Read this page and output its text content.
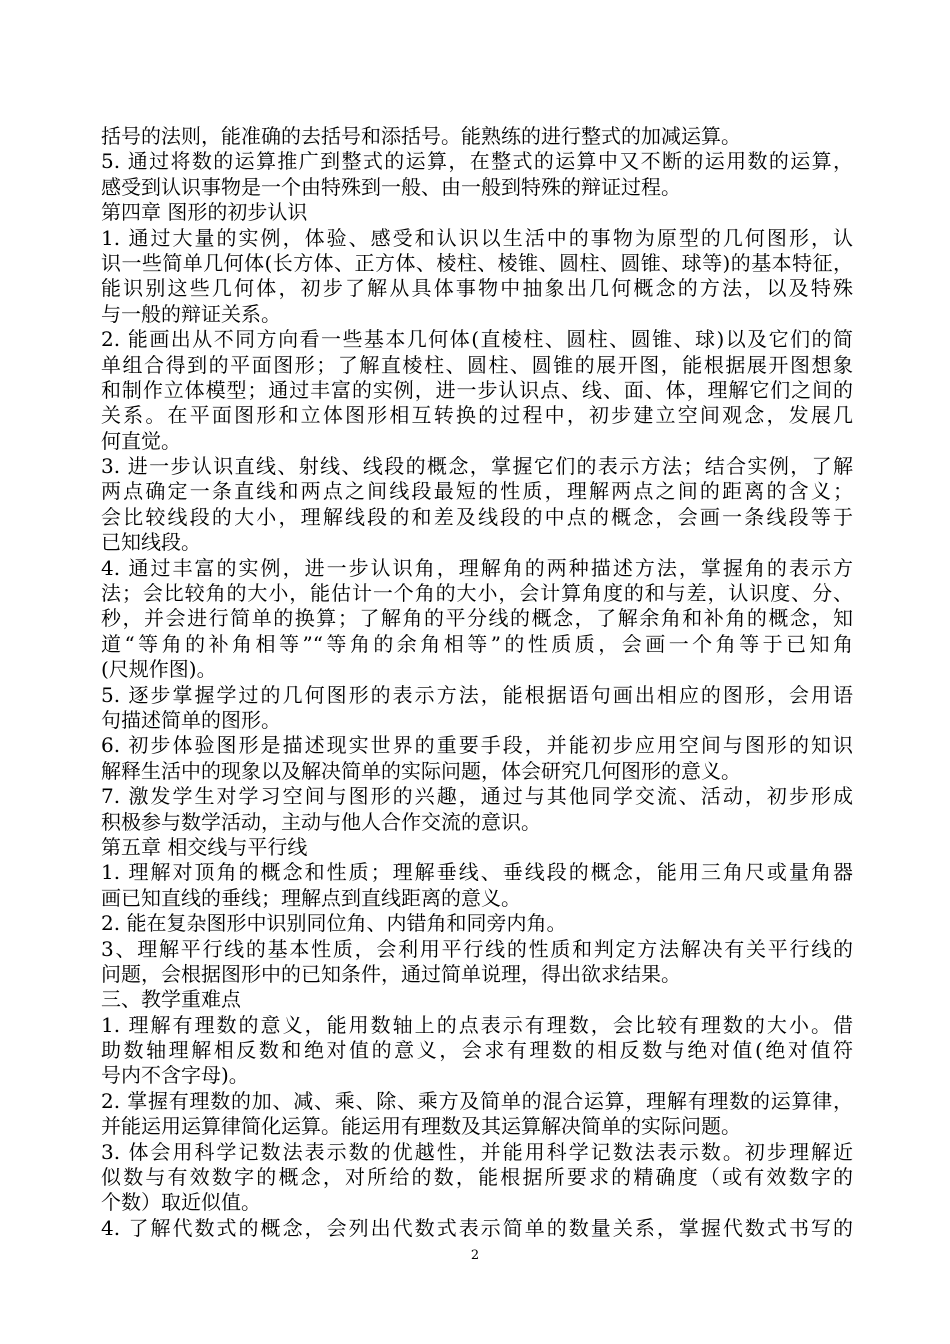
括号的法则，能准确的去括号和添括号。能熟练的进行整式的加减运算。
5. 通过将数的运算推广到整式的运算，在整式的运算中又不断的运用数的运算，
感受到认识事物是一个由特殊到一般、由一般到特殊的辩证过程。
第四章 图形的初步认识
1. 通过大量的实例，体验、感受和认识以生活中的事物为原型的几何图形，认
识一些简单几何体(长方体、正方体、棱柱、棱锥、圆柱、圆锥、球等)的基本特征，
能识别这些几何体，初步了解从具体事物中抽象出几何概念的方法，以及特殊
与一般的辩证关系。
2. 能画出从不同方向看一些基本几何体(直棱柱、圆柱、圆锥、球)以及它们的简
单组合得到的平面图形；了解直棱柱、圆柱、圆锥的展开图，能根据展开图想象
和制作立体模型；通过丰富的实例，进一步认识点、线、面、体，理解它们之间的
关系。在平面图形和立体图形相互转换的过程中，初步建立空间观念，发展几
何直觉。
3. 进一步认识直线、射线、线段的概念，掌握它们的表示方法；结合实例，了解
两点确定一条直线和两点之间线段最短的性质，理解两点之间的距离的含义；
会比较线段的大小，理解线段的和差及线段的中点的概念，会画一条线段等于
已知线段。
4. 通过丰富的实例，进一步认识角，理解角的两种描述方法，掌握角的表示方
法；会比较角的大小，能估计一个角的大小，会计算角度的和与差，认识度、分、
秒，并会进行简单的换算；了解角的平分线的概念，了解余角和补角的概念，知
道“等角的补角相等”“等角的余角相等”的性质质，会画一个角等于已知角
(尺规作图)。
5. 逐步掌握学过的几何图形的表示方法，能根据语句画出相应的图形，会用语
句描述简单的图形。
6. 初步体验图形是描述现实世界的重要手段，并能初步应用空间与图形的知识
解释生活中的现象以及解决简单的实际问题，体会研究几何图形的意义。
7. 激发学生对学习空间与图形的兴趣，通过与其他同学交流、活动，初步形成
积极参与数学活动，主动与他人合作交流的意识。
第五章 相交线与平行线
1. 理解对顶角的概念和性质；理解垂线、垂线段的概念，能用三角尺或量角器
画已知直线的垂线；理解点到直线距离的意义。
2. 能在复杂图形中识别同位角、内错角和同旁内角。
3、理解平行线的基本性质，会利用平行线的性质和判定方法解决有关平行线的
问题，会根据图形中的已知条件，通过简单说理，得出欲求结果。
三、教学重难点
1. 理解有理数的意义，能用数轴上的点表示有理数，会比较有理数的大小。借
助数轴理解相反数和绝对值的意义，会求有理数的相反数与绝对值(绝对值符
号内不含字母)。
2. 掌握有理数的加、减、乘、除、乘方及简单的混合运算，理解有理数的运算律，
并能运用运算律简化运算。能运用有理数及其运算解决简单的实际问题。
3. 体会用科学记数法表示数的优越性，并能用科学记数法表示数。初步理解近
似数与有效数字的概念，对所给的数，能根据所要求的精确度（或有效数字的
个数）取近似值。
4. 了解代数式的概念，会列出代数式表示简单的数量关系，掌握代数式书写的
2
